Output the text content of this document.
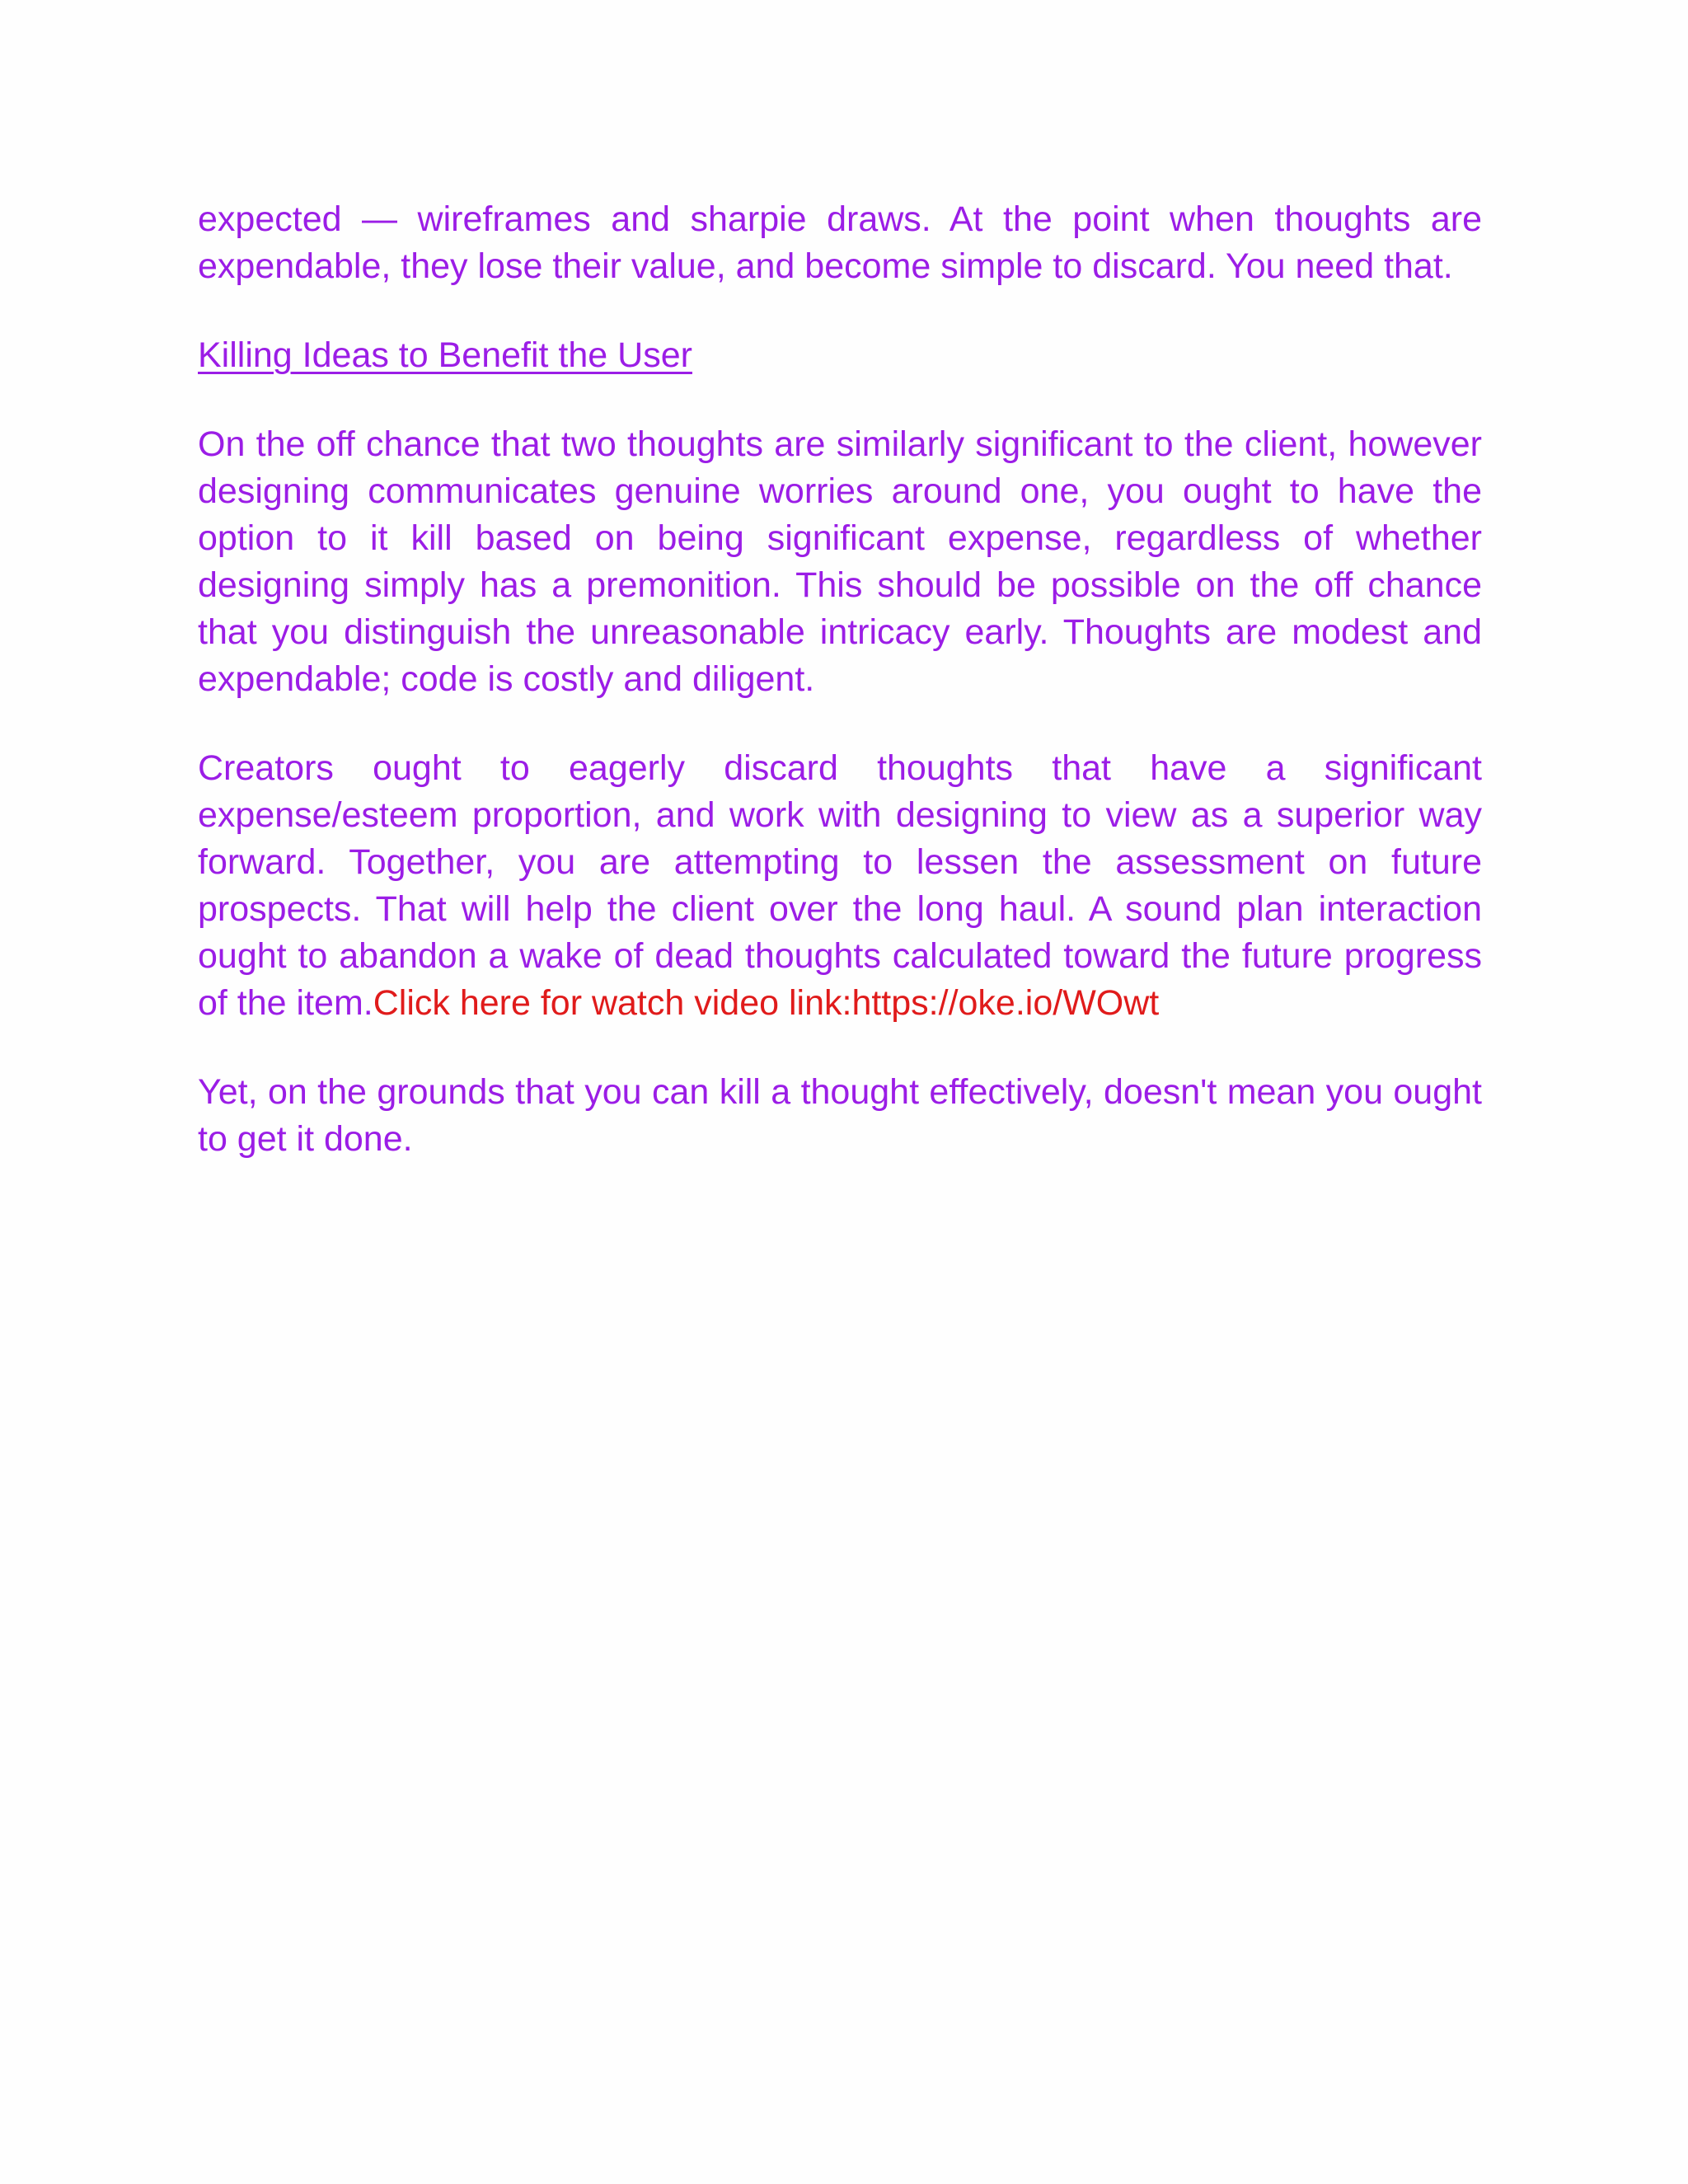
expected — wireframes and sharpie draws. At the point when thoughts are expendable, they lose their value, and become simple to discard. You need that.

Killing Ideas to Benefit the User

On the off chance that two thoughts are similarly significant to the client, however designing communicates genuine worries around one, you ought to have the option to it kill based on being significant expense, regardless of whether designing simply has a premonition. This should be possible on the off chance that you distinguish the unreasonable intricacy early. Thoughts are modest and expendable; code is costly and diligent.

Creators ought to eagerly discard thoughts that have a significant expense/esteem proportion, and work with designing to view as a superior way forward. Together, you are attempting to lessen the assessment on future prospects. That will help the client over the long haul. A sound plan interaction ought to abandon a wake of dead thoughts calculated toward the future progress of the item.Click here for watch video link:https://oke.io/WOwt

Yet, on the grounds that you can kill a thought effectively, doesn't mean you ought to get it done.
